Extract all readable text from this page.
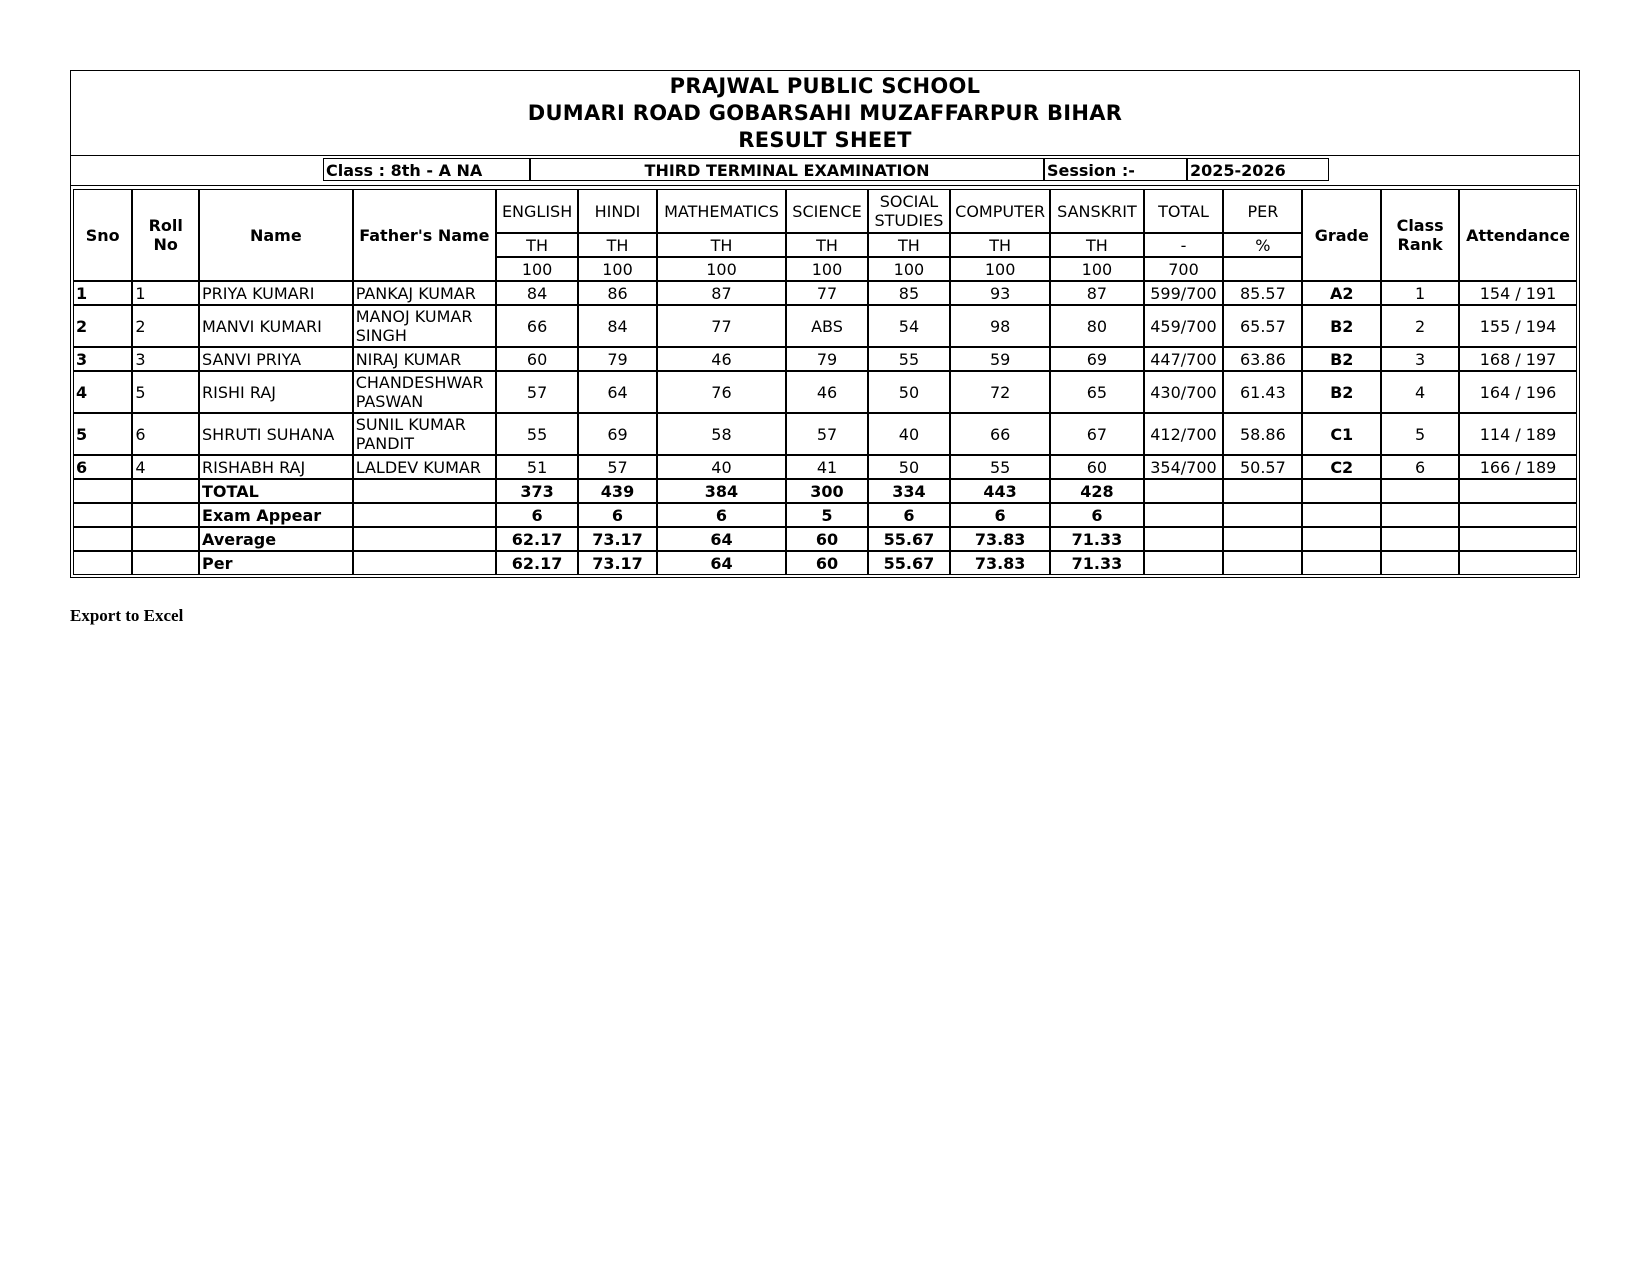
PRAJWAL PUBLIC SCHOOL
DUMARI ROAD GOBARSAHI MUZAFFARPUR BIHAR
RESULT SHEET
Class : 8th - A NA	THIRD TERMINAL EXAMINATION	Session :-	2025-2026
Sno	Roll No	Name	Father's Name	ENGLISH	HINDI	MATHEMATICS	SCIENCE	SOCIAL STUDIES	COMPUTER	SANSKRIT	TOTAL	PER	Grade	Class Rank	Attendance
				TH	TH	TH	TH	TH	TH	TH	-	%			
				100	100	100	100	100	100	100	700				
1	1	PRIYA KUMARI	PANKAJ KUMAR	84	86	87	77	85	93	87	599/700	85.57	A2	1	154 / 191
2	2	MANVI KUMARI	MANOJ KUMAR SINGH	66	84	77	ABS	54	98	80	459/700	65.57	B2	2	155 / 194
3	3	SANVI PRIYA	NIRAJ KUMAR	60	79	46	79	55	59	69	447/700	63.86	B2	3	168 / 197
4	5	RISHI RAJ	CHANDESHWAR PASWAN	57	64	76	46	50	72	65	430/700	61.43	B2	4	164 / 196
5	6	SHRUTI SUHANA	SUNIL KUMAR PANDIT	55	69	58	57	40	66	67	412/700	58.86	C1	5	114 / 189
6	4	RISHABH RAJ	LALDEV KUMAR	51	57	40	41	50	55	60	354/700	50.57	C2	6	166 / 189
		TOTAL		373	439	384	300	334	443	428					
		Exam Appear		6	6	6	5	6	6	6					
		Average		62.17	73.17	64	60	55.67	73.83	71.33					
		Per		62.17	73.17	64	60	55.67	73.83	71.33					
Export to Excel
